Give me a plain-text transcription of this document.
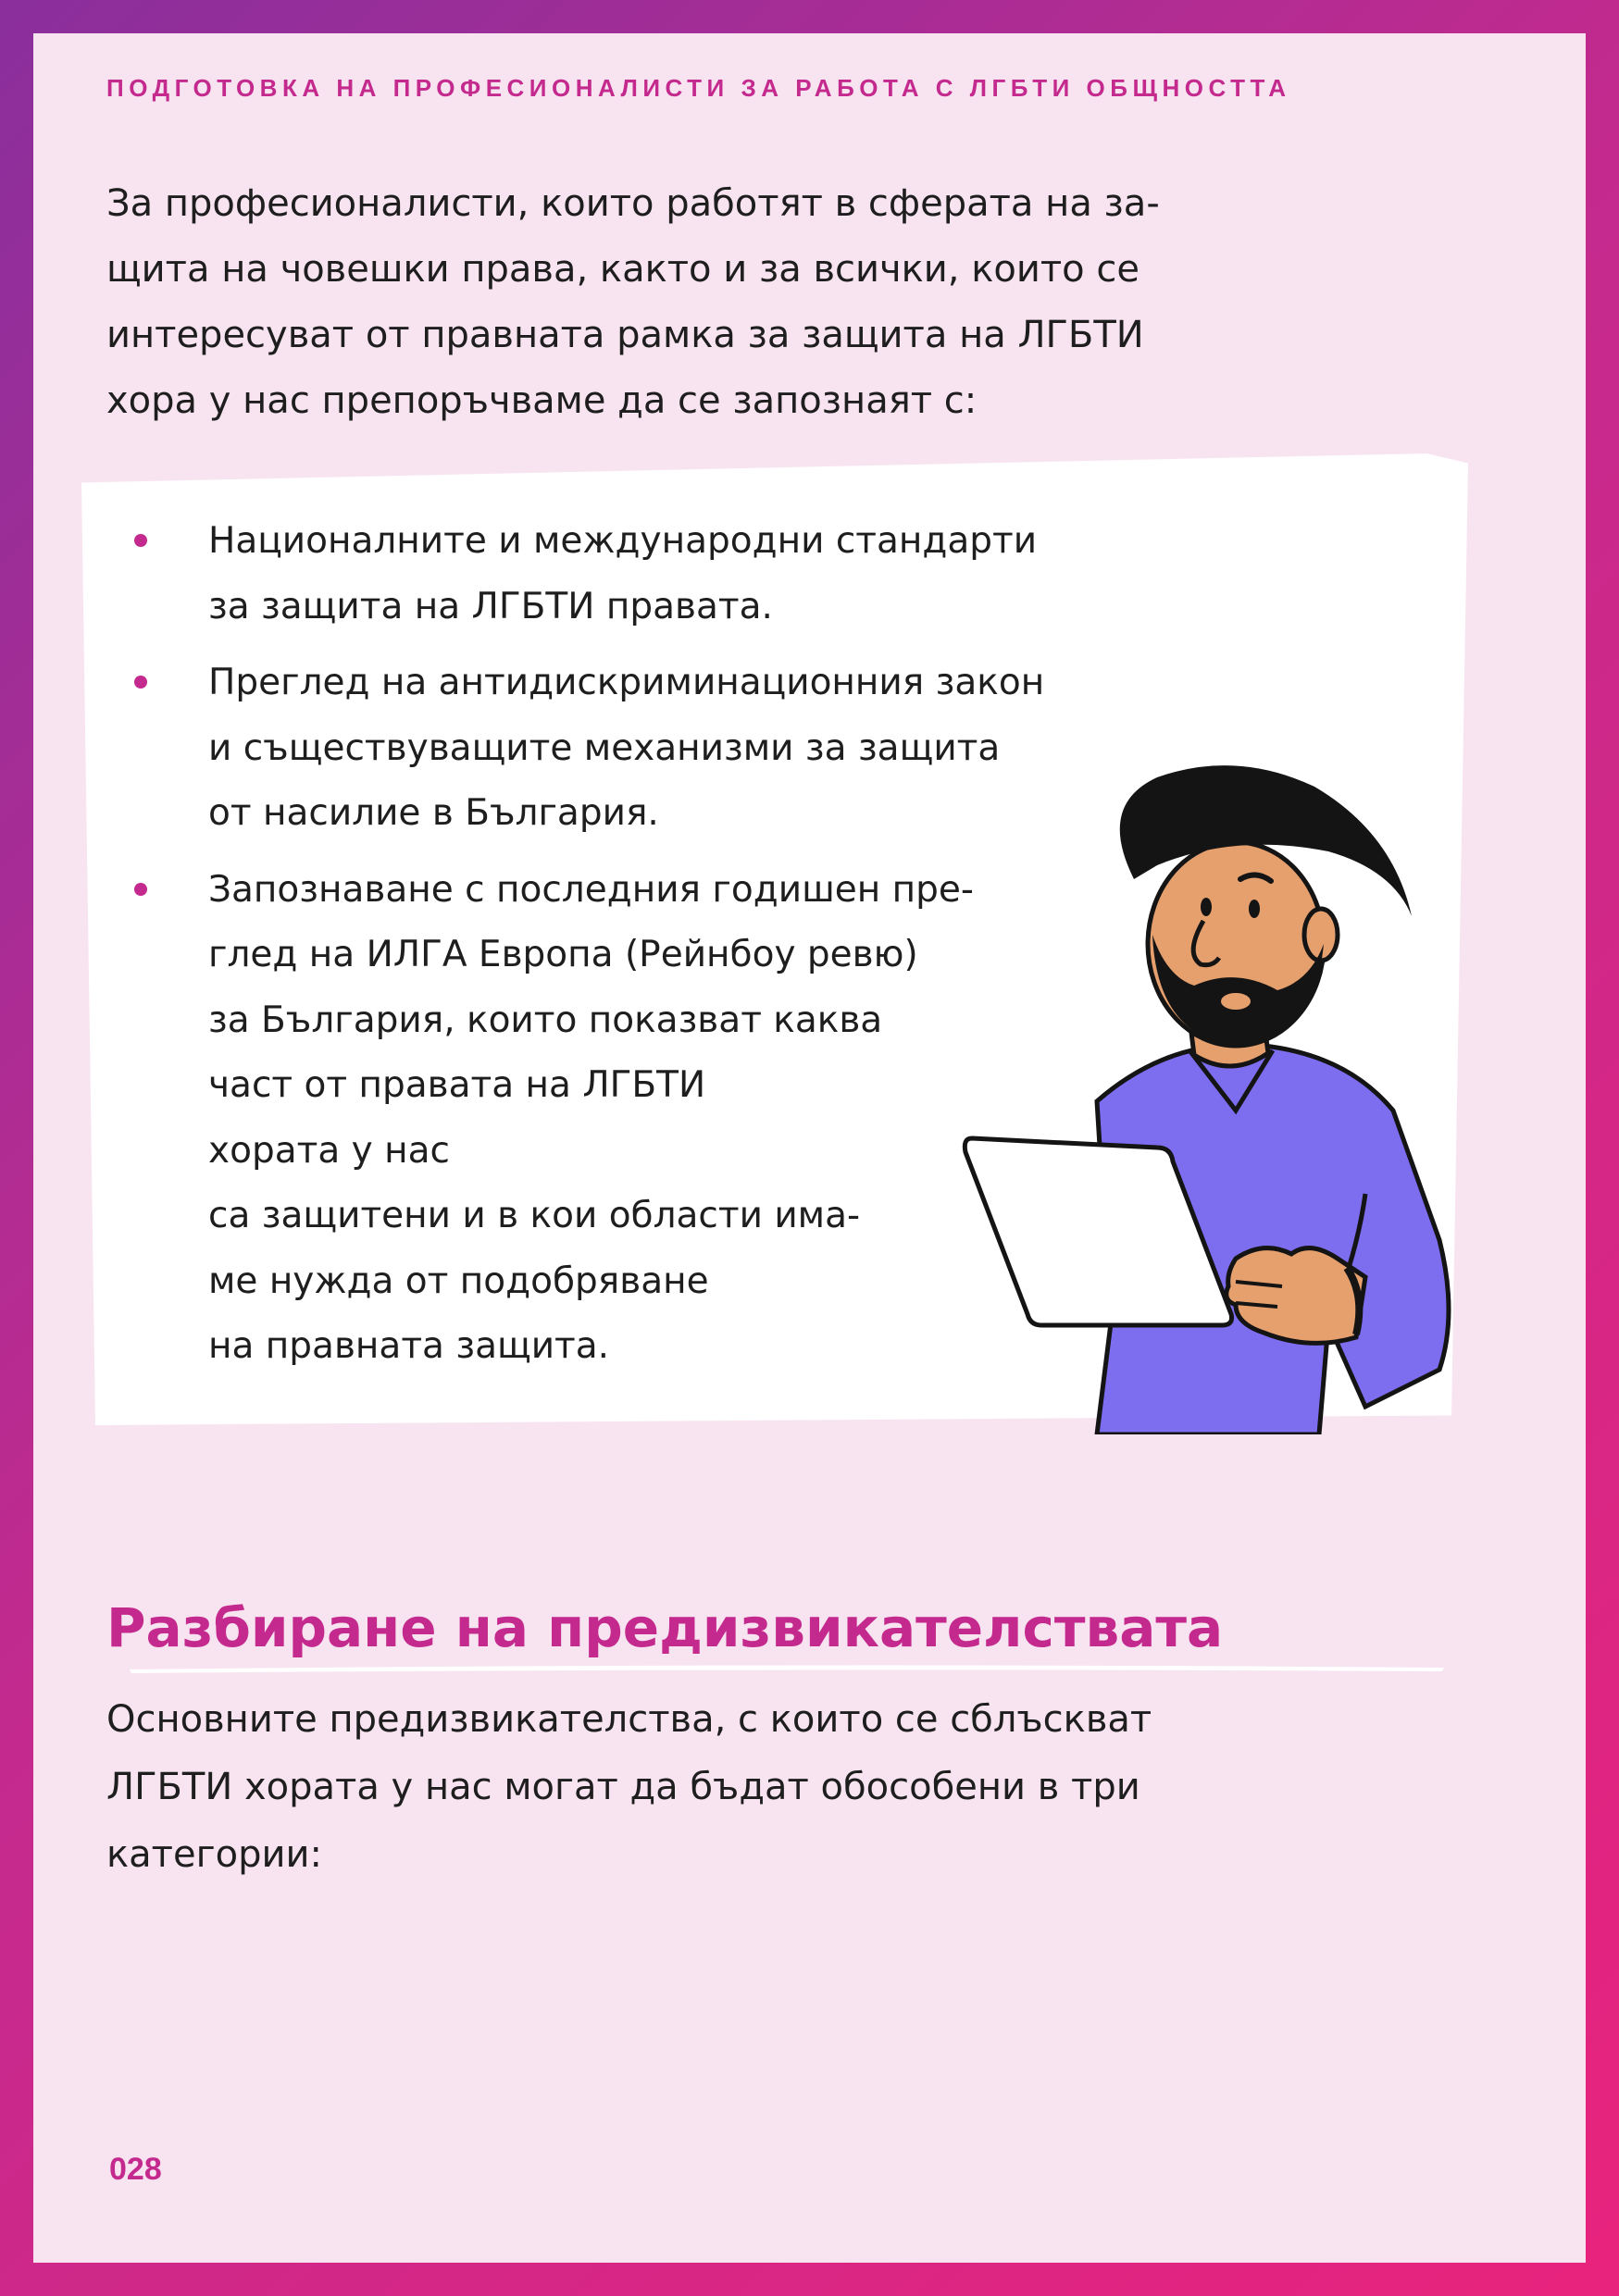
ПОДГОТОВКА НА ПРОФЕСИОНАЛИСТИ ЗА РАБОТА С ЛГБТИ ОБЩНОСТТА

За професионалисти, които работят в сферата на за-
щита на човешки права, както и за всички, които се
интересуват от правната рамка за защита на ЛГБТИ
хора у нас препоръчваме да се запознаят с:

Националните и международни стандарти
за защита на ЛГБТИ правата.
Преглед на антидискриминационния закон
и съществуващите механизми за защита
от насилие в България.
Запознаване с последния годишен пре-
глед на ИЛГА Европа (Рейнбоу ревю)
за България, които показват каква
част от правата на ЛГБТИ
хората у нас
са защитени и в кои области има-
ме нужда от подобряване
на правната защита.
Разбиране на предизвикателствата

Основните предизвикателства, с които се сблъскват
ЛГБТИ хората у нас могат да бъдат обособени в три
категории:

028
